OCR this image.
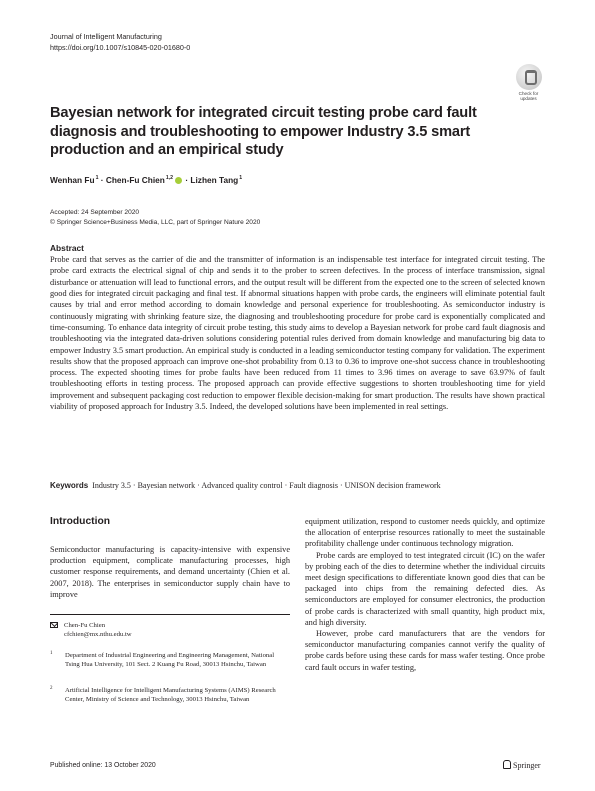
Journal of Intelligent Manufacturing
https://doi.org/10.1007/s10845-020-01680-0
Check for updates
Bayesian network for integrated circuit testing probe card fault diagnosis and troubleshooting to empower Industry 3.5 smart production and an empirical study
Wenhan $Fu^1$ · Chen-Fu Chien$^{1,2}$ · Lizhen Tang$^1$
Accepted: 24 September 2020
© Springer Science+Business Media, LLC, part of Springer Nature 2020
Abstract
Probe card that serves as the carrier of die and the transmitter of information is an indispensable test interface for integrated circuit testing. The probe card extracts the electrical signal of chip and sends it to the prober to screen defectives. In the process of interface transmission, signal disturbance or attenuation will lead to functional errors, and the output result will be different from the expected one to the screen of selected known good dies for integrated circuit packaging and final test. If abnormal situations happen with probe cards, the engineers will eliminate potential fault causes by trial and error method according to domain knowledge and personal experience for troubleshooting. As semiconductor industry is continuously migrating with shrinking feature size, the diagnosing and troubleshooting procedure for probe card is exponentially complicated and time-consuming. To enhance data integrity of circuit probe testing, this study aims to develop a Bayesian network for probe card fault diagnosis and troubleshooting via the integrated data-driven solutions considering potential rules derived from domain knowledge and manufacturing big data to empower Industry 3.5 smart production. An empirical study is conducted in a leading semiconductor testing company for validation. The experiment results show that the proposed approach can improve one-shot probability from 0.13 to 0.36 to improve one-shot success chance in troubleshooting process. The expected shooting times for probe faults have been reduced from 11 times to 3.96 times on average to save 63.97% of fault troubleshooting efforts in testing process. The proposed approach can provide effective suggestions to shorten troubleshooting time for yield improvement and subsequent packaging cost reduction to empower flexible decision-making for smart production. The results have shown practical viability of proposed approach for Industry 3.5. Indeed, the developed solutions have been implemented in real settings.
Keywords Industry 3.5 · Bayesian network · Advanced quality control · Fault diagnosis · UNISON decision framework
Introduction
Semiconductor manufacturing is capacity-intensive with expensive production equipment, complicate manufacturing processes, high customer response requirements, and demand uncertainty (Chien et al. 2007, 2018). The enterprises in semiconductor supply chain have to improve
Chen-Fu Chien
cfchien@mx.nthu.edu.tw
1 Department of Industrial Engineering and Engineering Management, National Tsing Hua University, 101 Sect. 2 Kuang Fu Road, 30013 Hsinchu, Taiwan
2 Artificial Intelligence for Intelligent Manufacturing Systems (AIMS) Research Center, Ministry of Science and Technology, 30013 Hsinchu, Taiwan

equipment utilization, respond to customer needs quickly, and optimize the allocation of enterprise resources rationally to meet the sustainable profitability challenge under continuous technology migration.

Probe cards are employed to test integrated circuit (IC) on the wafer by probing each of the dies to determine whether the individual circuits meet design specifications to differentiate known good dies that can be packaged into chips from the remaining defected dies. As semiconductors are employed for consumer electronics, the production of probe cards is characterized with small quantity, high product mix, and high diversity.

However, probe card manufacturers that are the vendors for semiconductor manufacturing companies cannot verify the quality of probe cards before using these cards for mass wafer testing. Once probe card fault occurs in wafer testing,

Published online: 13 October 2020	Springer
